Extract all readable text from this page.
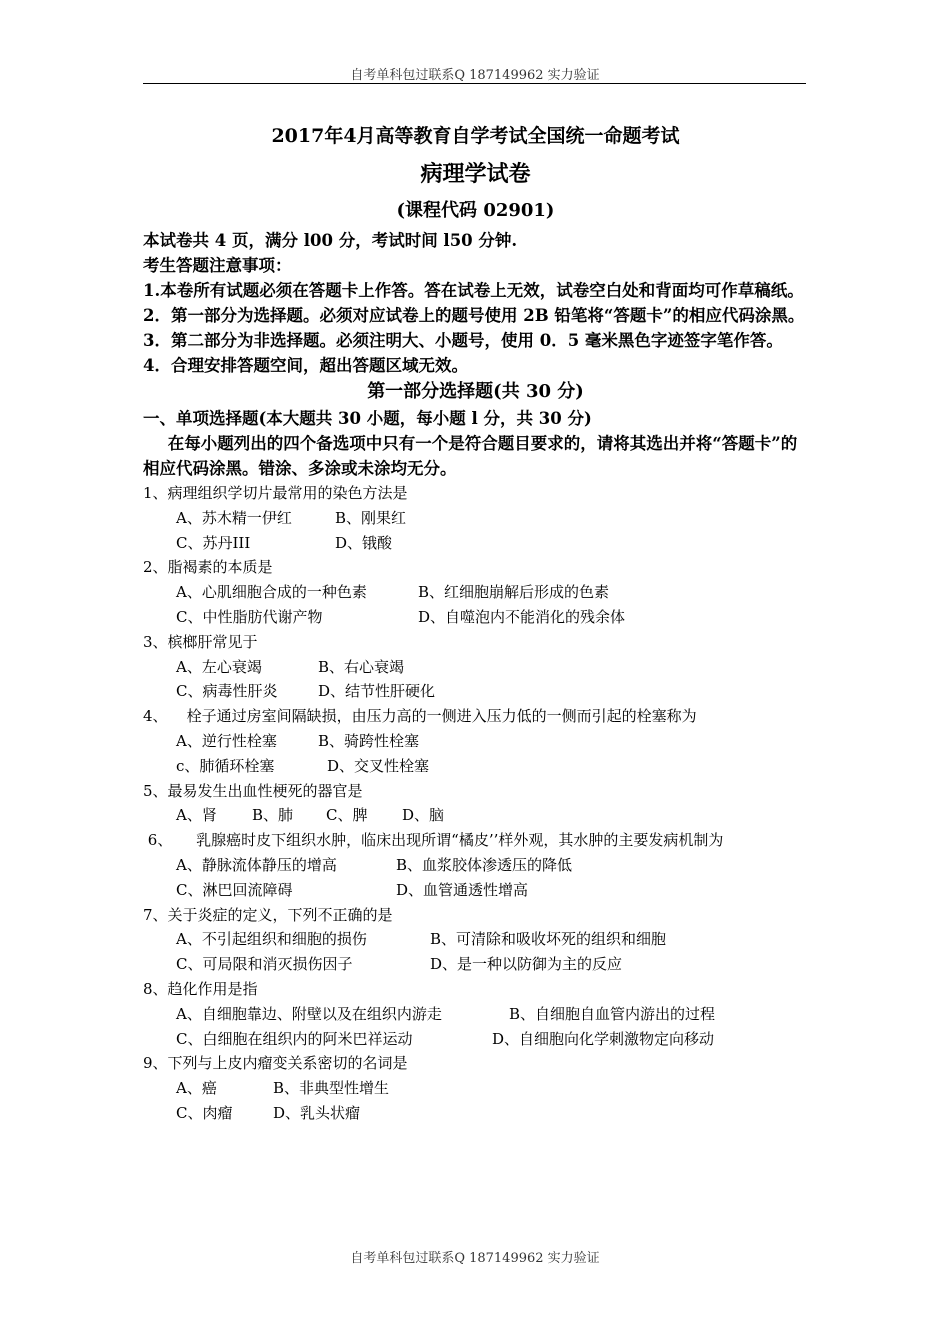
自考单科包过联系Q 187149962 实力验证
2017年4月高等教育自学考试全国统一命题考试
病理学试卷
(课程代码 02901)
本试卷共 4 页，满分 l00 分，考试时间 l50 分钟.
考生答题注意事项：
1.本卷所有试题必须在答题卡上作答。答在试卷上无效，试卷空白处和背面均可作草稿纸。
2．第一部分为选择题。必须对应试卷上的题号使用 2B 铅笔将“答题卡”的相应代码涂黑。
3．第二部分为非选择题。必须注明大、小题号，使用 0．5 毫米黑色字迹签字笔作答。
4．合理安排答题空间，超出答题区域无效。
第一部分选择题(共 30 分)
一、单项选择题(本大题共 30 小题，每小题 l 分，共 30 分)
在每小题列出的四个备选项中只有一个是符合题目要求的，请将其选出并将“答题卡”的相应代码涂黑。错涂、多涂或未涂均无分。
1、病理组织学切片最常用的染色方法是
A、苏木精一伊红	B、刚果红
C、苏丹III	D、锇酸
2、脂褐素的本质是
A、心肌细胞合成的一种色素	B、红细胞崩解后形成的色素
C、中性脂肪代谢产物	D、自噬泡内不能消化的残余体
3、槟榔肝常见于
A、左心衰竭	B、右心衰竭
C、病毒性肝炎	D、结节性肝硬化
4、    栓子通过房室间隔缺损，由压力高的一侧进入压力低的一侧而引起的栓塞称为
A、逆行性栓塞	B、骑跨性栓塞
c、肺循环栓塞	D、交叉性栓塞
5、最易发生出血性梗死的器官是
A、肾 B、肺 C、脾 D、脑
6、     乳腺癌时皮下组织水肿，临床出现所谓“橘皮’’样外观，其水肿的主要发病机制为
A、静脉流体静压的增高	B、血浆胶体渗透压的降低
C、淋巴回流障碍	D、血管通透性增高
7、关于炎症的定义，下列不正确的是
A、不引起组织和细胞的损伤	B、可清除和吸收坏死的组织和细胞
C、可局限和消灭损伤因子	D、是一种以防御为主的反应
8、趋化作用是指
A、自细胞靠边、附壁以及在组织内游走	B、自细胞自血管内游出的过程
C、白细胞在组织内的阿米巴祥运动	D、自细胞向化学刺激物定向移动
9、下列与上皮内瘤变关系密切的名词是
A、癌	B、非典型性增生
C、肉瘤	D、乳头状瘤
自考单科包过联系Q 187149962 实力验证
